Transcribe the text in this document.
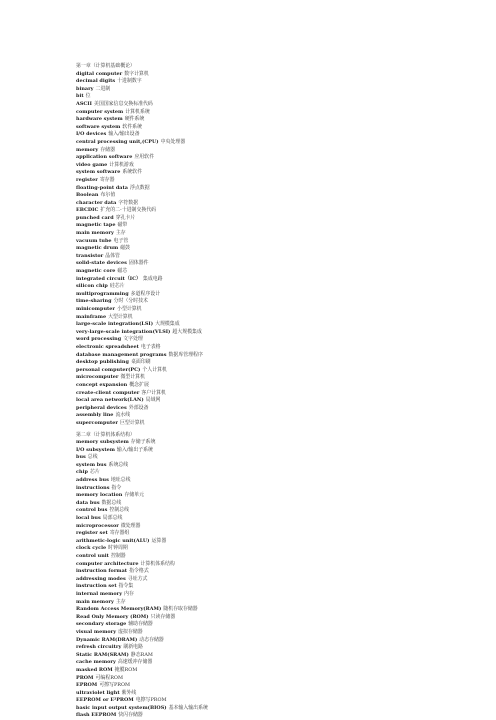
第一章（计算机基础概论）
digital computer 数字计算机
decimal digits 十进制数字
binary 二进制
bit 位
ASCII 美国国家信息交换标准代码
computer system 计算机系统
hardware system 硬件系统
software system 软件系统
I/O devices 输入/输出设备
central processing unit,(CPU) 中央处理器
memory 存储器
application software 应用软件
video game 计算机游戏
system software 系统软件
register 寄存器
floating-point data 浮点数据
Boolean 布尔值
character data 字符数据
EBCDIC 扩充的二-十进制交换代码
punched card 穿孔卡片
magnetic tape 磁带
main memory 主存
vacuum tube 电子管
magnetic drum 磁鼓
transistor 晶体管
solid-state devices 固体器件
magnetic core 磁芯
integrated circuit（IC） 集成电路
silicon chip 硅芯片
multiprogramming 多道程序设计
time-sharing 分时（分时技术
minicomputer 小型计算机
mainframe 大型计算机
large-scale integration(LSI) 大规模集成
very-large-scale integration(VLSI) 超大规模集成
word processing 文字处理
electronic spreadsheet 电子表格
database management programs 数据库管理程序
desktop publishing 桌面印刷
personal computer(PC) 个人计算机
microcomputer 微型计算机
concept expansion 概念扩展
create-client computer 客户计算机
local area network(LAN) 局域网
peripheral devices 外部设备
assembly line 流水线
supercomputer 巨型计算机
第二章（计算机体系结构）
memory subsystem 存储子系统
I/O subsystem 输入/输出子系统
bus 总线
system bus 系统总线
chip 芯片
address bus 地址总线
instructions 指令
memory location 存储单元
data bus 数据总线
control bus 控制总线
local bus 局部总线
microprocessor 微处理器
register set 寄存器组
arithmetic-logic unit(ALU) 运算器
clock cycle 时钟周期
control unit 控制器
computer architecture 计算机体系结构
instruction format 指令格式
addressing modes 寻址方式
instruction set 指令集
internal memory 内存
main memory 主存
Random Access Memory(RAM) 随机存取存储器
Read Only Memory (ROM) 只读存储器
secondary storage 辅助存储器
visual memory 虚拟存储器
Dynamic RAM(DRAM) 动态存储器
refresh circuitry 刷新电路
Static RAM(SRAM) 静态RAM
cache memory 高速缓冲存储器
masked ROM 掩膜ROM
PROM 可编程ROM
EPROM 可擦写PROM
ultraviolet light 紫外线
EEPROM or E²PROM 电擦写PROM
basic input output system(BIOS) 基本输入输出系统
flash EEPROM 快闪存储器
